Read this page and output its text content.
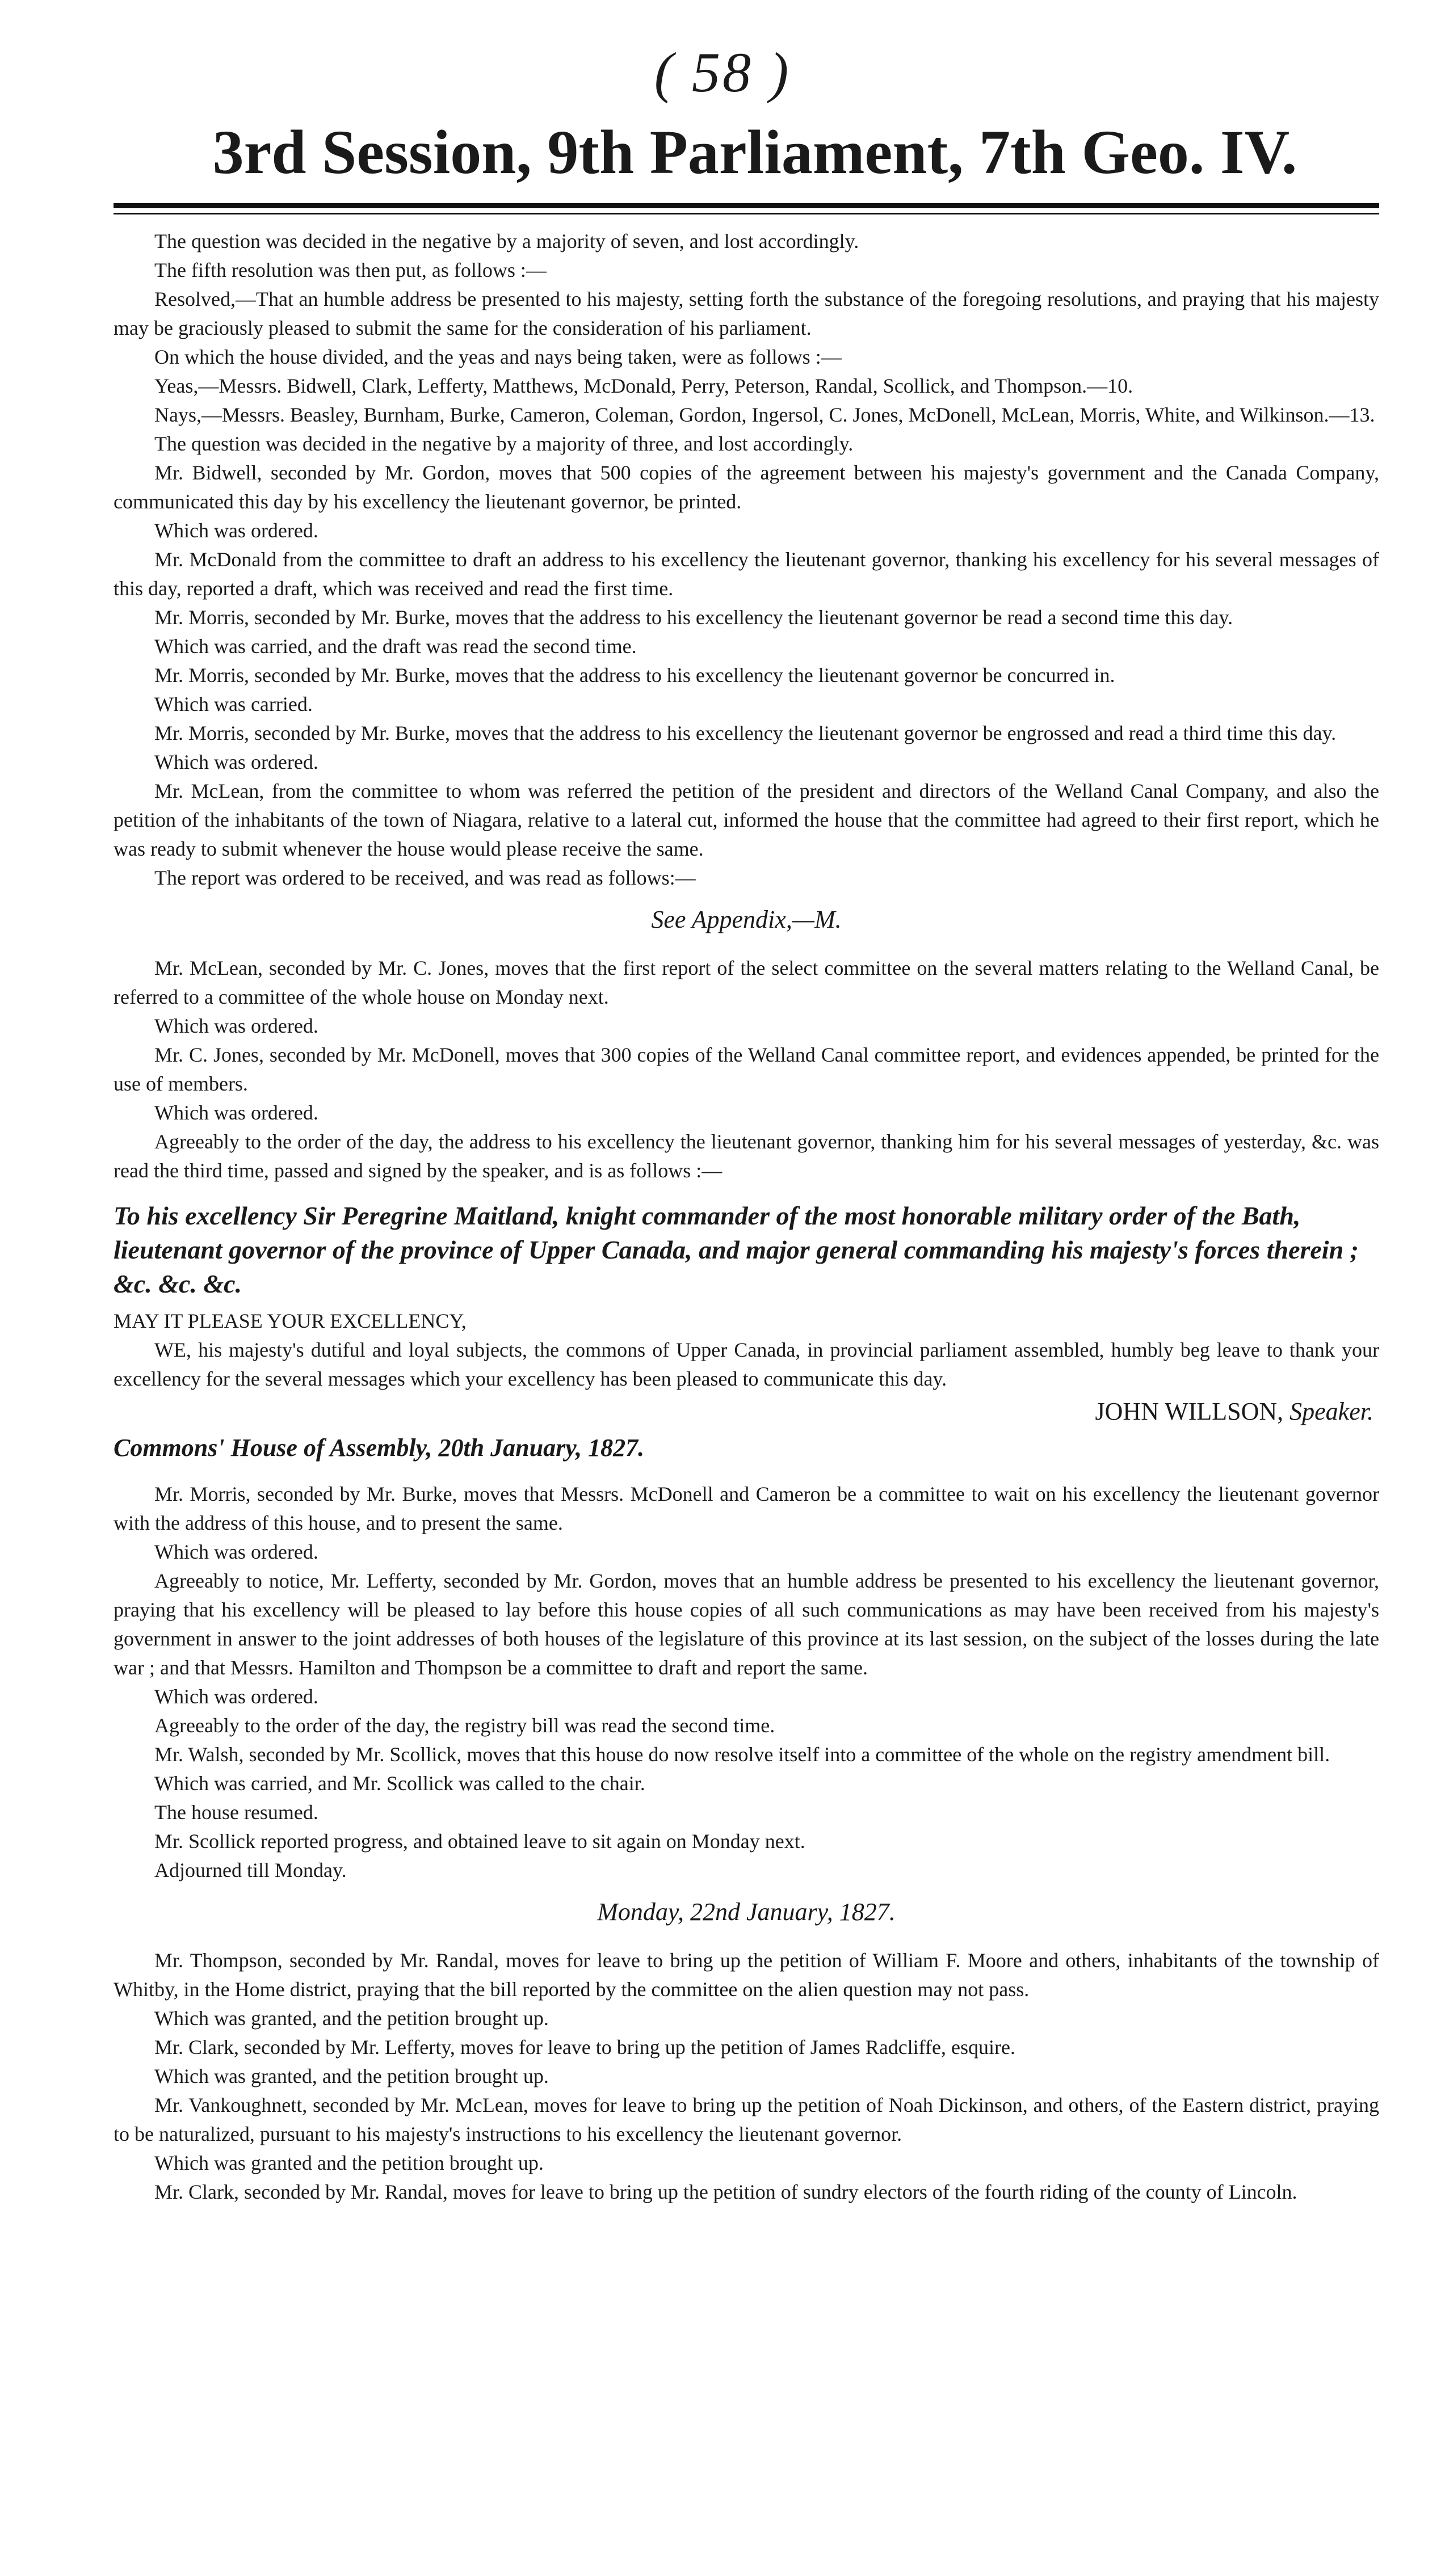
( 58 )
3rd Session, 9th Parliament, 7th Geo. IV.

The question was decided in the negative by a majority of seven, and lost accordingly.

The fifth resolution was then put, as follows :—

Resolved,—That an humble address be presented to his majesty, setting forth the substance of the foregoing resolutions, and praying that his majesty may be graciously pleased to submit the same for the consideration of his parliament.

On which the house divided, and the yeas and nays being taken, were as follows :—

Yeas,—Messrs. Bidwell, Clark, Lefferty, Matthews, McDonald, Perry, Peterson, Randal, Scollick, and Thompson.—10.

Nays,—Messrs. Beasley, Burnham, Burke, Cameron, Coleman, Gordon, Ingersol, C. Jones, McDonell, McLean, Morris, White, and Wilkinson.—13.

The question was decided in the negative by a majority of three, and lost accordingly.

Mr. Bidwell, seconded by Mr. Gordon, moves that 500 copies of the agreement between his majesty's government and the Canada Company, communicated this day by his excellency the lieutenant governor, be printed.

Which was ordered.

Mr. McDonald from the committee to draft an address to his excellency the lieutenant governor, thanking his excellency for his several messages of this day, reported a draft, which was received and read the first time.

Mr. Morris, seconded by Mr. Burke, moves that the address to his excellency the lieutenant governor be read a second time this day.

Which was carried, and the draft was read the second time.

Mr. Morris, seconded by Mr. Burke, moves that the address to his excellency the lieutenant governor be concurred in.

Which was carried.

Mr. Morris, seconded by Mr. Burke, moves that the address to his excellency the lieutenant governor be engrossed and read a third time this day.

Which was ordered.

Mr. McLean, from the committee to whom was referred the petition of the president and directors of the Welland Canal Company, and also the petition of the inhabitants of the town of Niagara, relative to a lateral cut, informed the house that the committee had agreed to their first report, which he was ready to submit whenever the house would please receive the same.

The report was ordered to be received, and was read as follows:—

See Appendix,—M.

Mr. McLean, seconded by Mr. C. Jones, moves that the first report of the select committee on the several matters relating to the Welland Canal, be referred to a committee of the whole house on Monday next.

Which was ordered.

Mr. C. Jones, seconded by Mr. McDonell, moves that 300 copies of the Welland Canal committee report, and evidences appended, be printed for the use of members.

Which was ordered.

Agreeably to the order of the day, the address to his excellency the lieutenant governor, thanking him for his several messages of yesterday, &c. was read the third time, passed and signed by the speaker, and is as follows :—

To his excellency Sir Peregrine Maitland, knight commander of the most honorable military order of the Bath, lieutenant governor of the province of Upper Canada, and major general commanding his majesty's forces therein ; &c. &c. &c.

MAY IT PLEASE YOUR EXCELLENCY,

WE, his majesty's dutiful and loyal subjects, the commons of Upper Canada, in provincial parliament assembled, humbly beg leave to thank your excellency for the several messages which your excellency has been pleased to communicate this day.

JOHN WILLSON, Speaker.

Commons' House of Assembly, 20th January, 1827.

Mr. Morris, seconded by Mr. Burke, moves that Messrs. McDonell and Cameron be a committee to wait on his excellency the lieutenant governor with the address of this house, and to present the same.

Which was ordered.

Agreeably to notice, Mr. Lefferty, seconded by Mr. Gordon, moves that an humble address be presented to his excellency the lieutenant governor, praying that his excellency will be pleased to lay before this house copies of all such communications as may have been received from his majesty's government in answer to the joint addresses of both houses of the legislature of this province at its last session, on the subject of the losses during the late war ; and that Messrs. Hamilton and Thompson be a committee to draft and report the same.

Which was ordered.

Agreeably to the order of the day, the registry bill was read the second time.

Mr. Walsh, seconded by Mr. Scollick, moves that this house do now resolve itself into a committee of the whole on the registry amendment bill.

Which was carried, and Mr. Scollick was called to the chair.

The house resumed.

Mr. Scollick reported progress, and obtained leave to sit again on Monday next.

Adjourned till Monday.

Monday, 22nd January, 1827.

Mr. Thompson, seconded by Mr. Randal, moves for leave to bring up the petition of William F. Moore and others, inhabitants of the township of Whitby, in the Home district, praying that the bill reported by the committee on the alien question may not pass.

Which was granted, and the petition brought up.

Mr. Clark, seconded by Mr. Lefferty, moves for leave to bring up the petition of James Radcliffe, esquire.

Which was granted, and the petition brought up.

Mr. Vankoughnett, seconded by Mr. McLean, moves for leave to bring up the petition of Noah Dickinson, and others, of the Eastern district, praying to be naturalized, pursuant to his majesty's instructions to his excellency the lieutenant governor.

Which was granted and the petition brought up.

Mr. Clark, seconded by Mr. Randal, moves for leave to bring up the petition of sundry electors of the fourth riding of the county of Lincoln.
